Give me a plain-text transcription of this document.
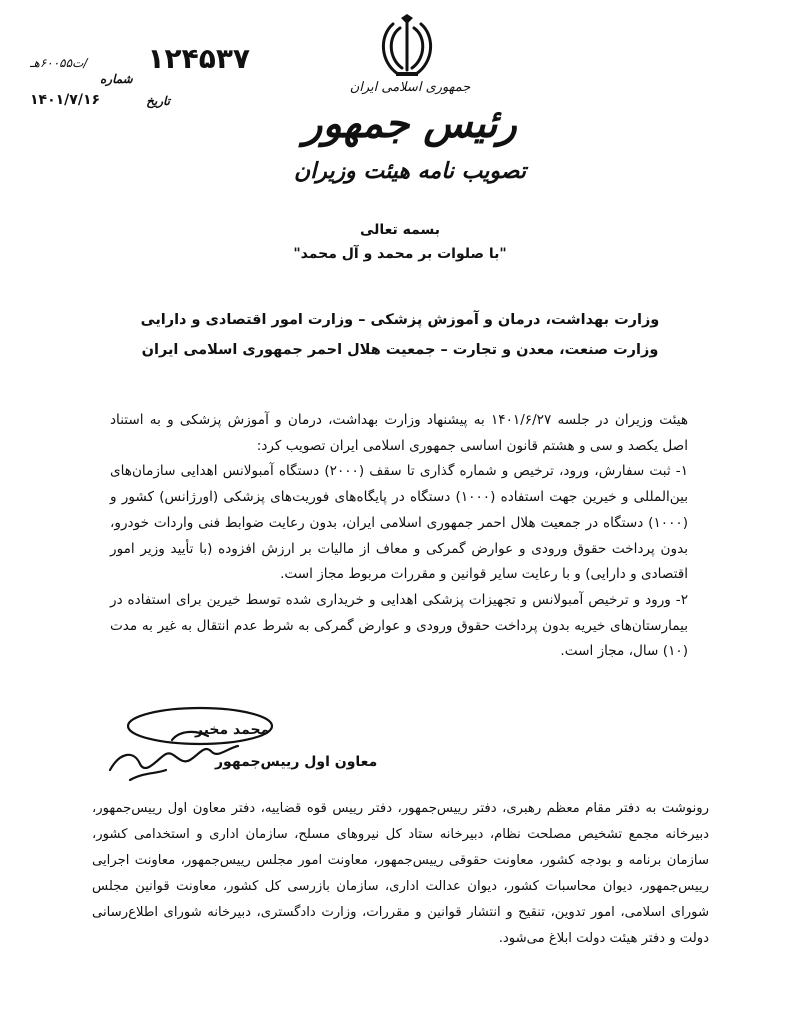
جمهوری اسلامی ایران
رئیس جمهور
تصویب نامه هیئت وزیران
۱۲۴۵۳۷
ت۶۰۰۵۵هـ/
شماره
تاریخ
۱۴۰۱/۷/۱۶
بسمه تعالی
"با صلوات بر محمد و آل محمد"
وزارت بهداشت، درمان و آموزش پزشکی – وزارت امور اقتصادی و دارایی
وزارت صنعت، معدن و تجارت – جمعیت هلال احمر جمهوری اسلامی ایران

هیئت وزیران در جلسه ۱۴۰۱/۶/۲۷ به پیشنهاد وزارت بهداشت، درمان و آموزش پزشکی و به استناد اصل یکصد و سی و هشتم قانون اساسی جمهوری اسلامی ایران تصویب کرد:

۱- ثبت سفارش، ورود، ترخیص و شماره گذاری تا سقف (۲۰۰۰) دستگاه آمبولانس اهدایی سازمان‌های بین‌المللی و خیرین جهت استفاده (۱۰۰۰) دستگاه در پایگاه‌های فوریت‌های پزشکی (اورژانس) کشور و (۱۰۰۰) دستگاه در جمعیت هلال احمر جمهوری اسلامی ایران، بدون رعایت ضوابط فنی واردات خودرو، بدون پرداخت حقوق ورودی و عوارض گمرکی و معاف از مالیات بر ارزش افزوده (با تأیید وزیر امور اقتصادی و دارایی) و با رعایت سایر قوانین و مقررات مربوط مجاز است.

۲- ورود و ترخیص آمبولانس و تجهیزات پزشکی اهدایی و خریداری شده توسط خیرین برای استفاده در بیمارستان‌های خیریه بدون پرداخت حقوق ورودی و عوارض گمرکی به شرط عدم انتقال به غیر به مدت (۱۰) سال، مجاز است.

محمد مخبر
معاون اول رییس‌جمهور

رونوشت به دفتر مقام معظم رهبری، دفتر رییس‌جمهور، دفتر رییس قوه قضاییه، دفتر معاون اول رییس‌جمهور، دبیرخانه مجمع تشخیص مصلحت نظام، دبیرخانه ستاد کل نیروهای مسلح، سازمان اداری و استخدامی کشور، سازمان برنامه و بودجه کشور، معاونت حقوقی رییس‌جمهور، معاونت امور مجلس رییس‌جمهور، معاونت اجرایی رییس‌جمهور، دیوان محاسبات کشور، دیوان عدالت اداری، سازمان بازرسی کل کشور، معاونت قوانین مجلس شورای اسلامی، امور تدوین، تنقیح و انتشار قوانین و مقررات، وزارت دادگستری، دبیرخانه شورای اطلاع‌رسانی دولت و دفتر هیئت دولت ابلاغ می‌شود.
